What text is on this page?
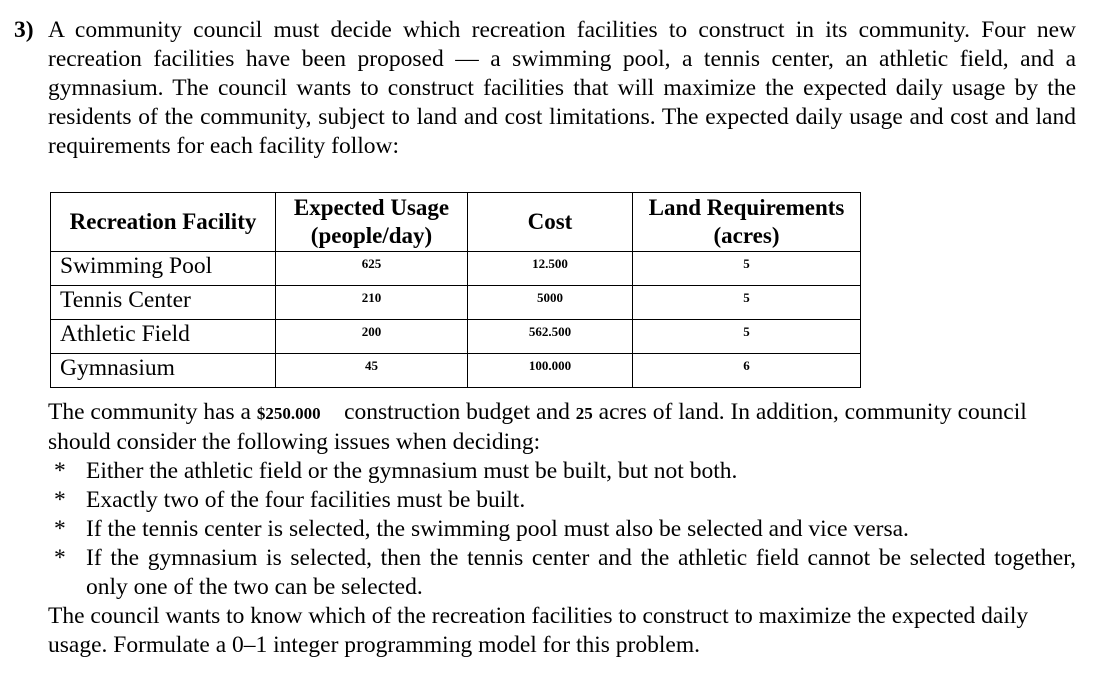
3) A community council must decide which recreation facilities to construct in its community. Four new recreation facilities have been proposed — a swimming pool, a tennis center, an athletic field, and a gymnasium. The council wants to construct facilities that will maximize the expected daily usage by the residents of the community, subject to land and cost limitations. The expected daily usage and cost and land requirements for each facility follow:
Recreation Facility	Expected Usage (people/day)	Cost	Land Requirements (acres)
Swimming Pool	625	12.500	5
Tennis Center	210	5000	5
Athletic Field	200	562.500	5
Gymnasium	45	100.000	6
The community has a $250.000 construction budget and 25 acres of land. In addition, community council should consider the following issues when deciding:
* Either the athletic field or the gymnasium must be built, but not both.
* Exactly two of the four facilities must be built.
* If the tennis center is selected, the swimming pool must also be selected and vice versa.
* If the gymnasium is selected, then the tennis center and the athletic field cannot be selected together, only one of the two can be selected.
The council wants to know which of the recreation facilities to construct to maximize the expected daily usage. Formulate a 0–1 integer programming model for this problem.
